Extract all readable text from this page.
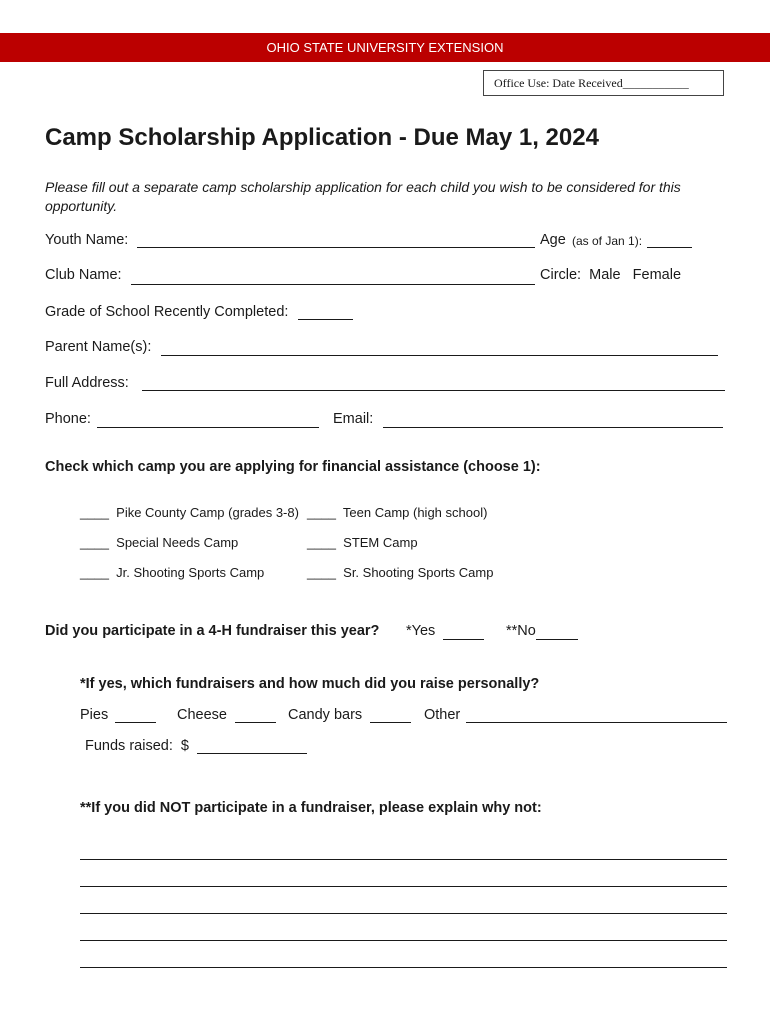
OHIO STATE UNIVERSITY EXTENSION
Office Use: Date Received___________
Camp Scholarship Application - Due May 1, 2024
Please fill out a separate camp scholarship application for each child you wish to be considered for this opportunity.
Youth Name:	Age (as of Jan 1):
Club Name:	Circle:  Male   Female
Grade of School Recently Completed:
Parent Name(s):
Full Address:
Phone:	Email:
Check which camp you are applying for financial assistance (choose 1):
____  Pike County Camp (grades 3-8) ____  Teen Camp (high school)
____  Special Needs Camp	____  STEM Camp
____  Jr. Shooting Sports Camp	____  Sr. Shooting Sports Camp
Did you participate in a 4-H fundraiser this year? *Yes	**No
*If yes, which fundraisers and how much did you raise personally?
Pies	Cheese	Candy bars	Other
Funds raised:  $
**If you did NOT participate in a fundraiser, please explain why not:
